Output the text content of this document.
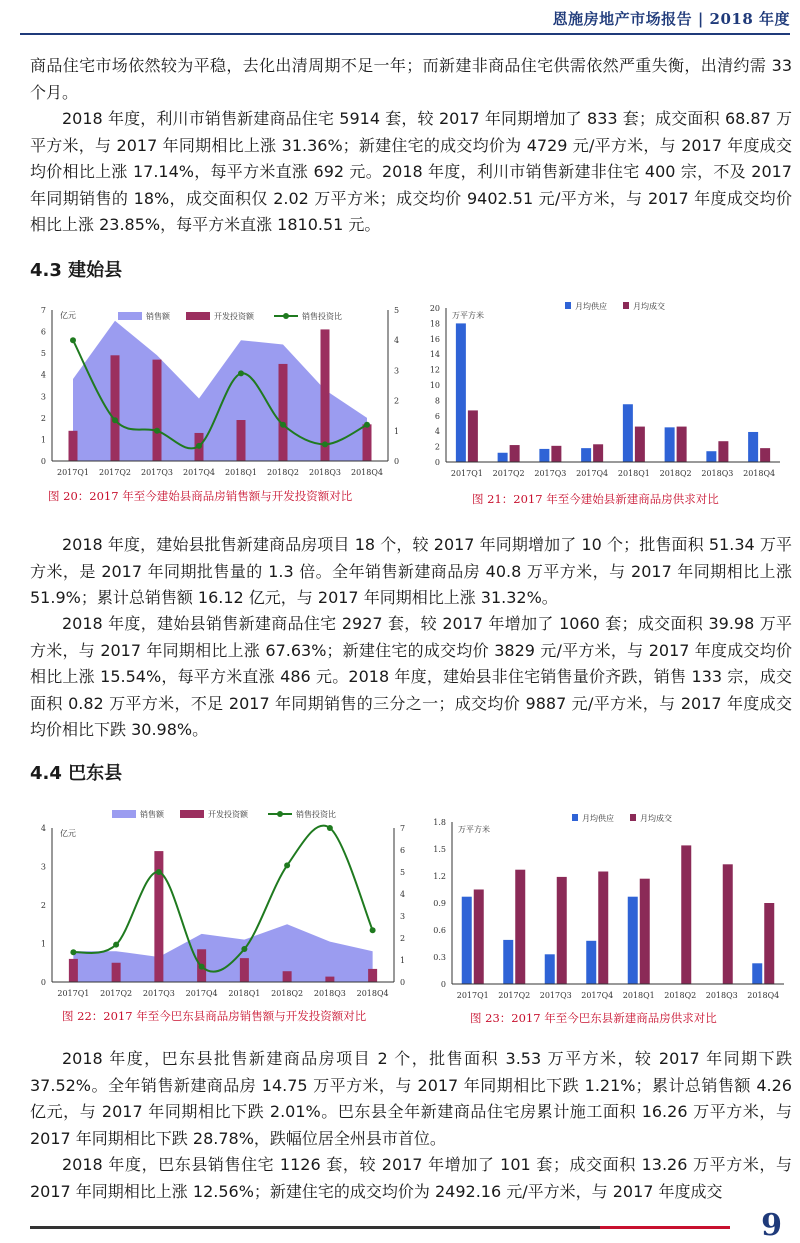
恩施房地产市场报告 | 2018 年度

商品住宅市场依然较为平稳，去化出清周期不足一年；而新建非商品住宅供需依然严重失衡，出清约需 33 个月。

2018 年度，利川市销售新建商品住宅 5914 套，较 2017 年同期增加了 833 套；成交面积 68.87 万平方米，与 2017 年同期相比上涨 31.36%；新建住宅的成交均价为 4729 元/平方米，与 2017 年度成交均价相比上涨 17.14%，每平方米直涨 692 元。2018 年度，利川市销售新建非住宅 400 宗，不及 2017 年同期销售的 18%，成交面积仅 2.02 万平方米；成交均价 9402.51 元/平方米，与 2017 年度成交均价相比上涨 23.85%，每平方米直涨 1810.51 元。

4.3 建始县
0
1
2
3
4
5
6
7
0
1
2
3
4
5
2017Q1 2017Q2 2017Q3 2017Q4 2018Q1 2018Q2 2018Q3 2018Q4
亿元	销售额	开发投资额	销售投资比
图 20：2017 年至今建始县商品房销售额与开发投资额对比
0
2
4
6
8
10
12
14
16
18
20
2017Q1 2017Q2 2017Q3 2017Q4 2018Q1 2018Q2 2018Q3 2018Q4
万平方米
月均供应	月均成交
图 21：2017 年至今建始县新建商品房供求对比

2018 年度，建始县批售新建商品房项目 18 个，较 2017 年同期增加了 10 个；批售面积 51.34 万平方米，是 2017 年同期批售量的 1.3 倍。全年销售新建商品房 40.8 万平方米，与 2017 年同期相比上涨 51.9%；累计总销售额 16.12 亿元，与 2017 年同期相比上涨 31.32%。

2018 年度，建始县销售新建商品住宅 2927 套，较 2017 年增加了 1060 套；成交面积 39.98 万平方米，与 2017 年同期相比上涨 67.63%；新建住宅的成交均价 3829 元/平方米，与 2017 年度成交均价相比上涨 15.54%，每平方米直涨 486 元。2018 年度，建始县非住宅销售量价齐跌，销售 133 宗，成交面积 0.82 万平方米，不足 2017 年同期销售的三分之一；成交均价 9887 元/平方米，与 2017 年度成交均价相比下跌 30.98%。

4.4 巴东县
0
1
2
3
4
0
1
2
3
4
5
6
7
2017Q1 2017Q2 2017Q3 2017Q4 2018Q1 2018Q2 2018Q3 2018Q4
亿元
销售额	开发投资额	销售投资比
图 22：2017 年至今巴东县商品房销售额与开发投资额对比
0
0.3
0.6
0.9
1.2
1.5
1.8
2017Q1 2017Q2 2017Q3 2017Q4 2018Q1 2018Q2 2018Q3 2018Q4
万平方米
月均供应	月均成交
图 23：2017 年至今巴东县新建商品房供求对比

2018 年度，巴东县批售新建商品房项目 2 个，批售面积 3.53 万平方米，较 2017 年同期下跌 37.52%。全年销售新建商品房 14.75 万平方米，与 2017 年同期相比下跌 1.21%；累计总销售额 4.26 亿元，与 2017 年同期相比下跌 2.01%。巴东县全年新建商品住宅房累计施工面积 16.26 万平方米，与 2017 年同期相比下跌 28.78%，跌幅位居全州县市首位。

2018 年度，巴东县销售住宅 1126 套，较 2017 年增加了 101 套；成交面积 13.26 万平方米，与 2017 年同期相比上涨 12.56%；新建住宅的成交均价为 2492.16 元/平方米，与 2017 年度成交

9
